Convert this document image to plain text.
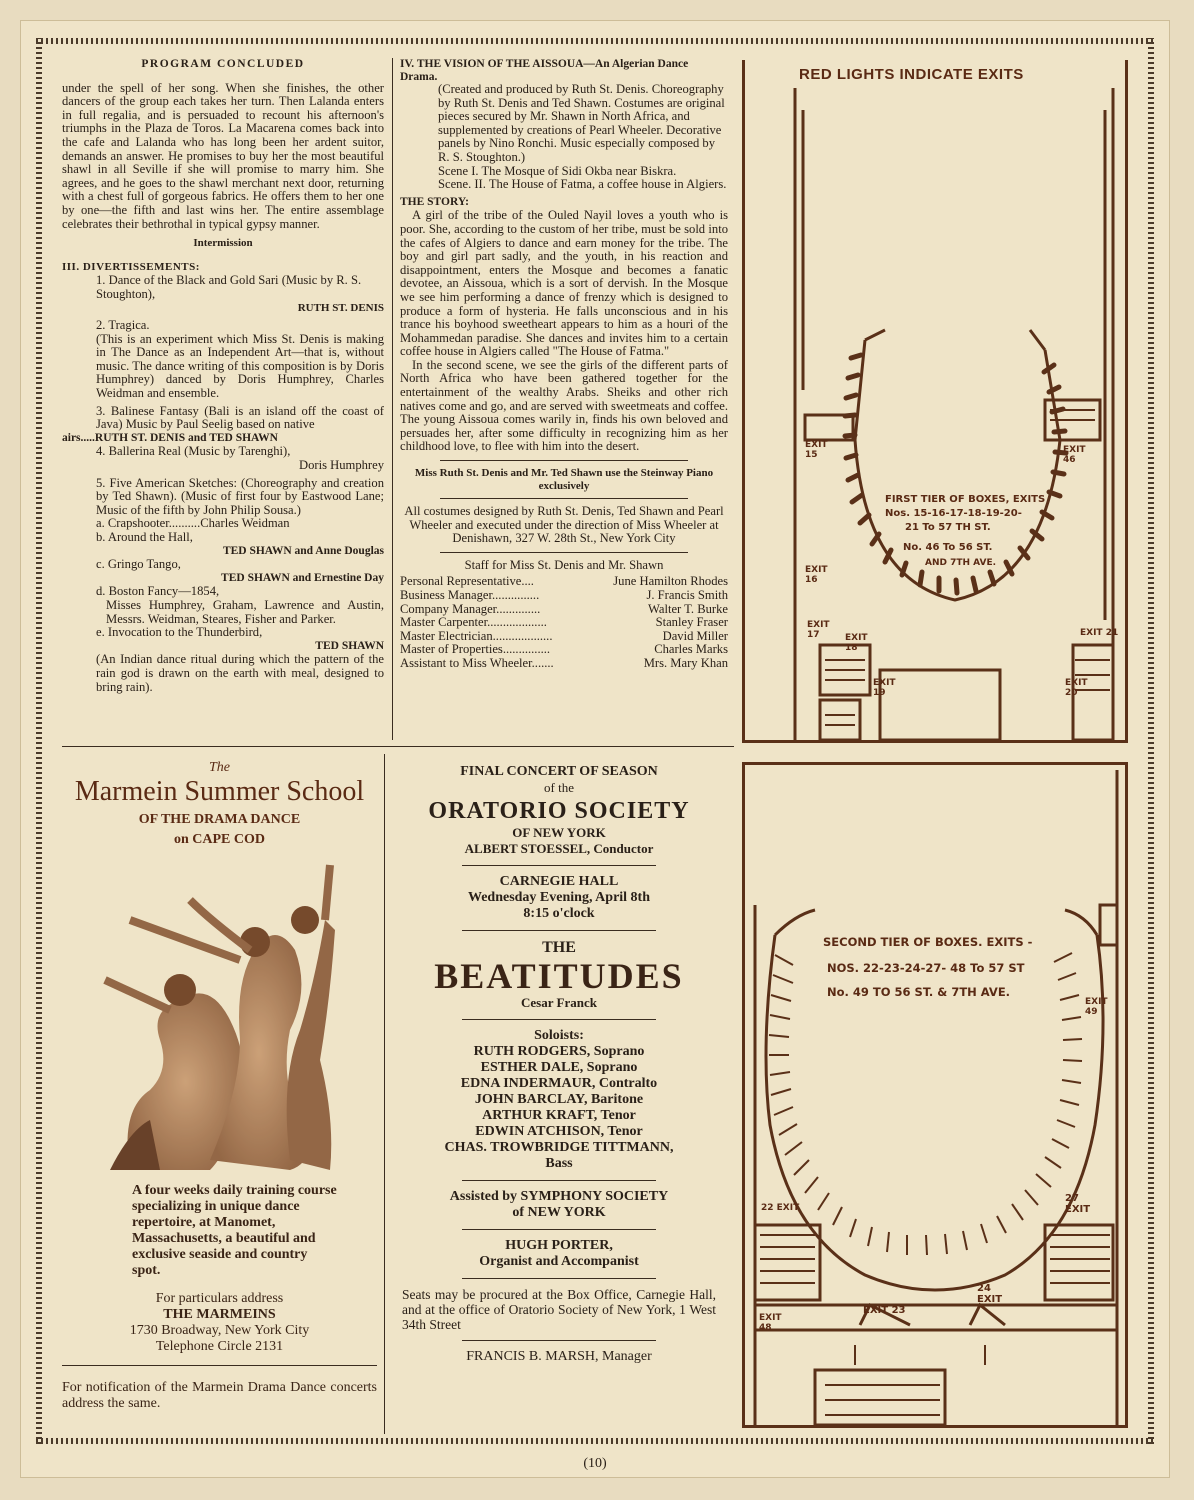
PROGRAM CONCLUDED

under the spell of her song. When she finishes, the other dancers of the group each takes her turn. Then Lalanda enters in full regalia, and is persuaded to recount his afternoon's triumphs in the Plaza de Toros. La Macarena comes back into the cafe and Lalanda who has long been her ardent suitor, demands an answer. He promises to buy her the most beautiful shawl in all Seville if she will promise to marry him. She agrees, and he goes to the shawl merchant next door, returning with a chest full of gorgeous fabrics. He offers them to her one by one—the fifth and last wins her. The entire assemblage celebrates their bethrothal in typical gypsy manner.

Intermission
III. DIVERTISSEMENTS:

1. Dance of the Black and Gold Sari (Music by R. S. Stoughton),

RUTH ST. DENIS

2. Tragica.

(This is an experiment which Miss St. Denis is making in The Dance as an Independent Art—that is, without music. The dance writing of this composition is by Doris Humphrey) danced by Doris Humphrey, Charles Weidman and ensemble.

3. Balinese Fantasy (Bali is an island off the coast of Java) Music by Paul Seelig based on native

airs.....RUTH ST. DENIS and TED SHAWN

4. Ballerina Real (Music by Tarenghi),

Doris Humphrey

5. Five American Sketches: (Choreography and creation by Ted Shawn). (Music of first four by Eastwood Lane; Music of the fifth by John Philip Sousa.)

a. Crapshooter..........Charles Weidman

b. Around the Hall,

TED SHAWN and Anne Douglas

c. Gringo Tango,

TED SHAWN and Ernestine Day

d. Boston Fancy—1854,

Misses Humphrey, Graham, Lawrence and Austin, Messrs. Weidman, Steares, Fisher and Parker.

e. Invocation to the Thunderbird,

TED SHAWN

(An Indian dance ritual during which the pattern of the rain god is drawn on the earth with meal, designed to bring rain).

IV. THE VISION OF THE AISSOUA—An Algerian Dance Drama.

(Created and produced by Ruth St. Denis. Choreography by Ruth St. Denis and Ted Shawn. Costumes are original pieces secured by Mr. Shawn in North Africa, and supplemented by creations of Pearl Wheeler. Decorative panels by Nino Ronchi. Music especially composed by R. S. Stoughton.)

Scene I. The Mosque of Sidi Okba near Biskra.

Scene. II. The House of Fatma, a coffee house in Algiers.

THE STORY:

A girl of the tribe of the Ouled Nayil loves a youth who is poor. She, according to the custom of her tribe, must be sold into the cafes of Algiers to dance and earn money for the tribe. The boy and girl part sadly, and the youth, in his reaction and disappointment, enters the Mosque and becomes a fanatic devotee, an Aissoua, which is a sort of dervish. In the Mosque we see him performing a dance of frenzy which is designed to produce a form of hysteria. He falls unconscious and in his trance his boyhood sweetheart appears to him as a houri of the Mohammedan paradise. She dances and invites him to a certain coffee house in Algiers called "The House of Fatma."

In the second scene, we see the girls of the different parts of North Africa who have been gathered together for the entertainment of the wealthy Arabs. Sheiks and other rich natives come and go, and are served with sweetmeats and coffee. The young Aissoua comes warily in, finds his own beloved and persuades her, after some difficulty in recognizing him as her childhood love, to flee with him into the desert.

Miss Ruth St. Denis and Mr. Ted Shawn use the Steinway Piano exclusively

All costumes designed by Ruth St. Denis, Ted Shawn and Pearl Wheeler and executed under the direction of Miss Wheeler at Denishawn, 327 W. 28th St., New York City

Staff for Miss St. Denis and Mr. Shawn
Personal Representative....	June Hamilton Rhodes
Business Manager...............	J. Francis Smith
Company Manager..............	Walter T. Burke
Master Carpenter...................	Stanley Fraser
Master Electrician...................	David Miller
Master of Properties...............	Charles Marks
Assistant to Miss Wheeler.......	Mrs. Mary Khan
RED LIGHTS INDICATE EXITS
FIRST TIER OF BOXES, EXITS
Nos. 15-16-17-18-19-20-
21 To 57 TH ST.
No. 46 To 56 ST.
AND 7TH AVE.
EXIT 15
EXIT 16
EXIT 17	EXIT 18
EXIT 19
EXIT 20
EXIT 21
EXIT 46
The
Marmein Summer School
OF THE DRAMA DANCE
on CAPE COD

A four weeks daily training course specializing in unique dance repertoire, at Manomet, Massachusetts, a beautiful and exclusive seaside and country spot.

For particulars address
THE MARMEINS
1730 Broadway, New York City
Telephone Circle 2131

For notification of the Marmein Drama Dance concerts address the same.

FINAL CONCERT OF SEASON
of the
ORATORIO SOCIETY
OF NEW YORK
ALBERT STOESSEL, Conductor
CARNEGIE HALL
Wednesday Evening, April 8th
8:15 o'clock
THE
BEATITUDES
Cesar Franck
Soloists:
RUTH RODGERS, Soprano
ESTHER DALE, Soprano
EDNA INDERMAUR, Contralto
JOHN BARCLAY, Baritone
ARTHUR KRAFT, Tenor
EDWIN ATCHISON, Tenor
CHAS. TROWBRIDGE TITTMANN,
Bass
Assisted by SYMPHONY SOCIETY
of NEW YORK
HUGH PORTER,
Organist and Accompanist

Seats may be procured at the Box Office, Carnegie Hall, and at the office of Oratorio Society of New York, 1 West 34th Street

FRANCIS B. MARSH, Manager
SECOND TIER OF BOXES. EXITS -
NOS. 22-23-24-27- 48 To 57 ST
No. 49 TO 56 ST. & 7TH AVE.
EXIT 49
22 EXIT
27 EXIT
EXIT 48
EXIT 23
24 EXIT
(10)
